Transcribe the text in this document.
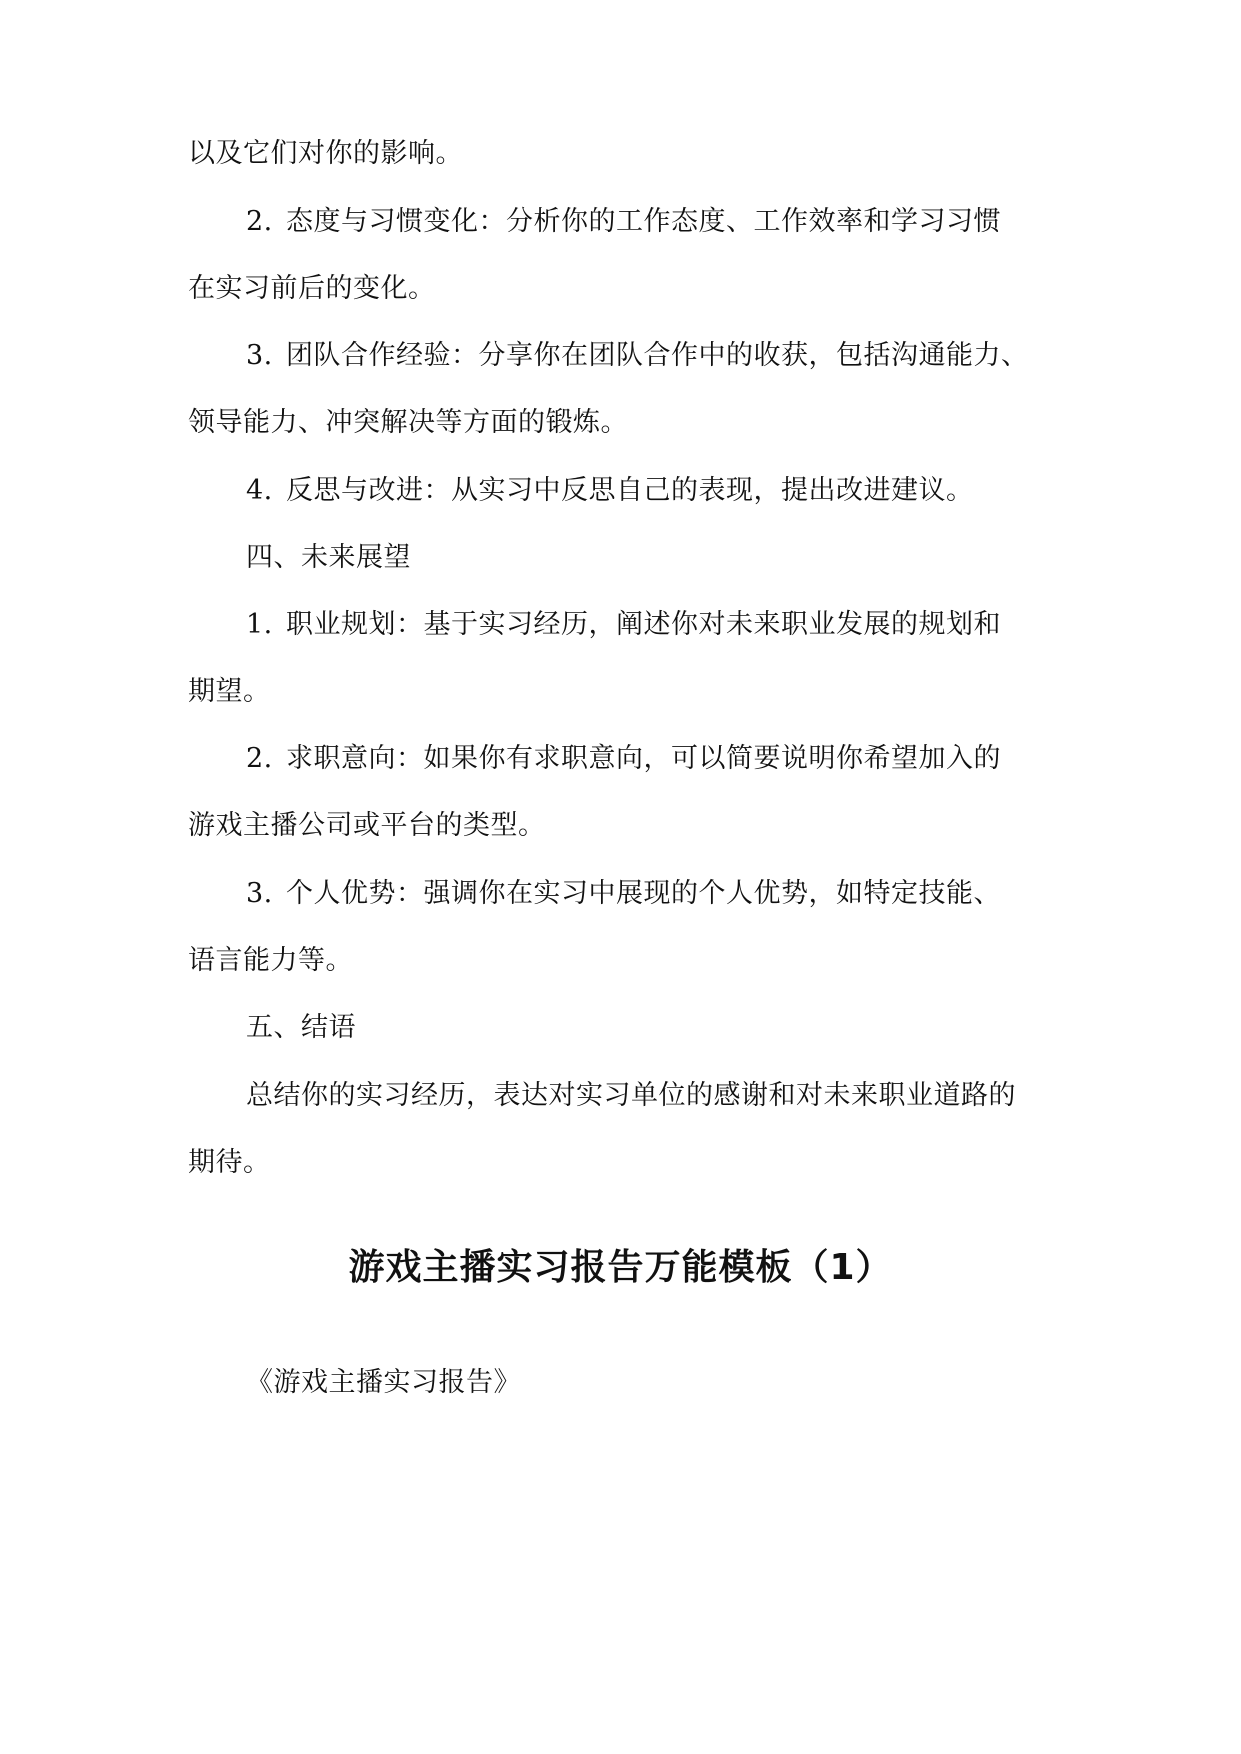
以及它们对你的影响。
2. 态度与习惯变化：分析你的工作态度、工作效率和学习习惯
在实习前后的变化。
3. 团队合作经验：分享你在团队合作中的收获，包括沟通能力、
领导能力、冲突解决等方面的锻炼。
4. 反思与改进：从实习中反思自己的表现，提出改进建议。
四、未来展望
1. 职业规划：基于实习经历，阐述你对未来职业发展的规划和
期望。
2. 求职意向：如果你有求职意向，可以简要说明你希望加入的
游戏主播公司或平台的类型。
3. 个人优势：强调你在实习中展现的个人优势，如特定技能、
语言能力等。
五、结语
总结你的实习经历，表达对实习单位的感谢和对未来职业道路的
期待。
游戏主播实习报告万能模板（1）
《游戏主播实习报告》
